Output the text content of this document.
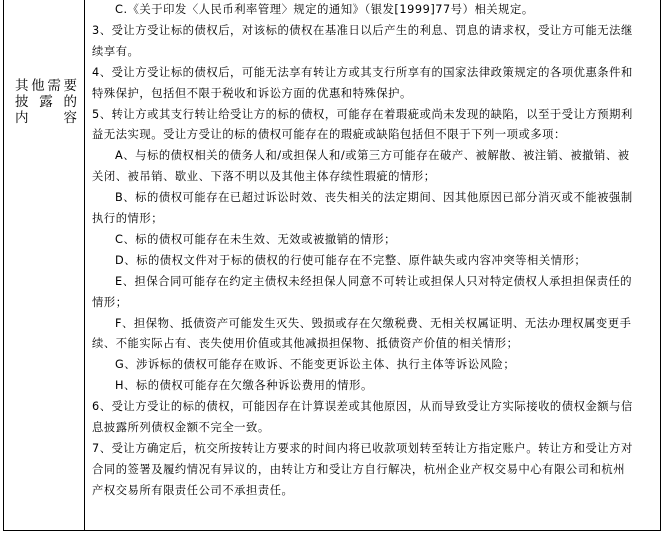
其他需要
披 露 的
内 容
C.《关于印发〈人民币利率管理〉规定的通知》（银发[1999]77号）相关规定。
3、受让方受让标的债权后，对该标的债权在基准日以后产生的利息、罚息的请求权，受让方可能无法继
续享有。
4、受让方受让标的债权后，可能无法享有转让方或其支行所享有的国家法律政策规定的各项优惠条件和
特殊保护，包括但不限于税收和诉讼方面的优惠和特殊保护。
5、转让方或其支行转让给受让方的标的债权，可能存在着瑕疵或尚未发现的缺陷，以至于受让方预期利
益无法实现。受让方受让的标的债权可能存在的瑕疵或缺陷包括但不限于下列一项或多项：
A、与标的债权相关的债务人和/或担保人和/或第三方可能存在破产、被解散、被注销、被撤销、被
关闭、被吊销、歇业、下落不明以及其他主体存续性瑕疵的情形；
B、标的债权可能存在已超过诉讼时效、丧失相关的法定期间、因其他原因已部分消灭或不能被强制
执行的情形；
C、标的债权可能存在未生效、无效或被撤销的情形；
D、标的债权文件对于标的债权的行使可能存在不完整、原件缺失或内容冲突等相关情形；
E、担保合同可能存在约定主债权未经担保人同意不可转让或担保人只对特定债权人承担担保责任的
情形；
F、担保物、抵债资产可能发生灭失、毁损或存在欠缴税费、无相关权属证明、无法办理权属变更手
续、不能实际占有、丧失使用价值或其他减损担保物、抵债资产价值的相关情形；
G、涉诉标的债权可能存在败诉、不能变更诉讼主体、执行主体等诉讼风险；
H、标的债权可能存在欠缴各种诉讼费用的情形。
6、受让方受让的标的债权，可能因存在计算误差或其他原因，从而导致受让方实际接收的债权金额与信
息披露所列债权金额不完全一致。
7、受让方确定后，杭交所按转让方要求的时间内将已收款项划转至转让方指定账户。转让方和受让方对
合同的签署及履约情况有异议的，由转让方和受让方自行解决，杭州企业产权交易中心有限公司和杭州
产权交易所有限责任公司不承担责任。
